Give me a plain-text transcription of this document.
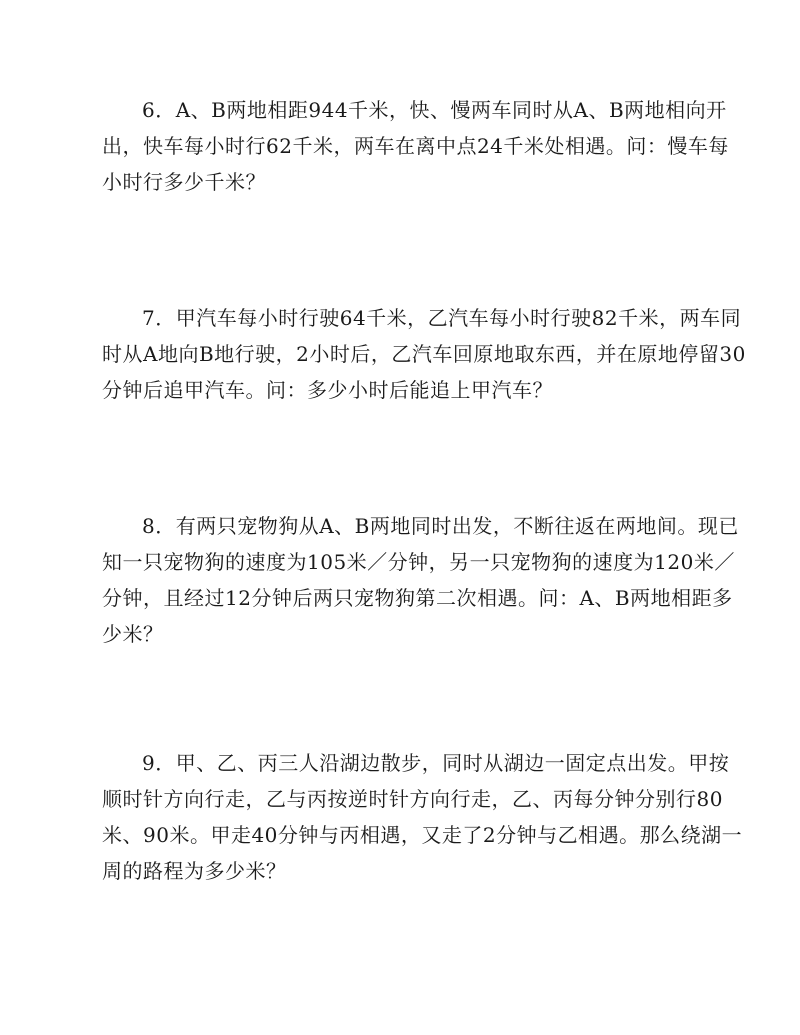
6．A、B两地相距944千米，快、慢两车同时从A、B两地相向开
出，快车每小时行62千米，两车在离中点24千米处相遇。问：慢车每
小时行多少千米？
7．甲汽车每小时行驶64千米，乙汽车每小时行驶82千米，两车同
时从A地向B地行驶，2小时后，乙汽车回原地取东西，并在原地停留30
分钟后追甲汽车。问：多少小时后能追上甲汽车？
8．有两只宠物狗从A、B两地同时出发，不断往返在两地间。现已
知一只宠物狗的速度为105米／分钟，另一只宠物狗的速度为120米／
分钟，且经过12分钟后两只宠物狗第二次相遇。问：A、B两地相距多
少米？
9．甲、乙、丙三人沿湖边散步，同时从湖边一固定点出发。甲按
顺时针方向行走，乙与丙按逆时针方向行走，乙、丙每分钟分别行80
米、90米。甲走40分钟与丙相遇，又走了2分钟与乙相遇。那么绕湖一
周的路程为多少米？
